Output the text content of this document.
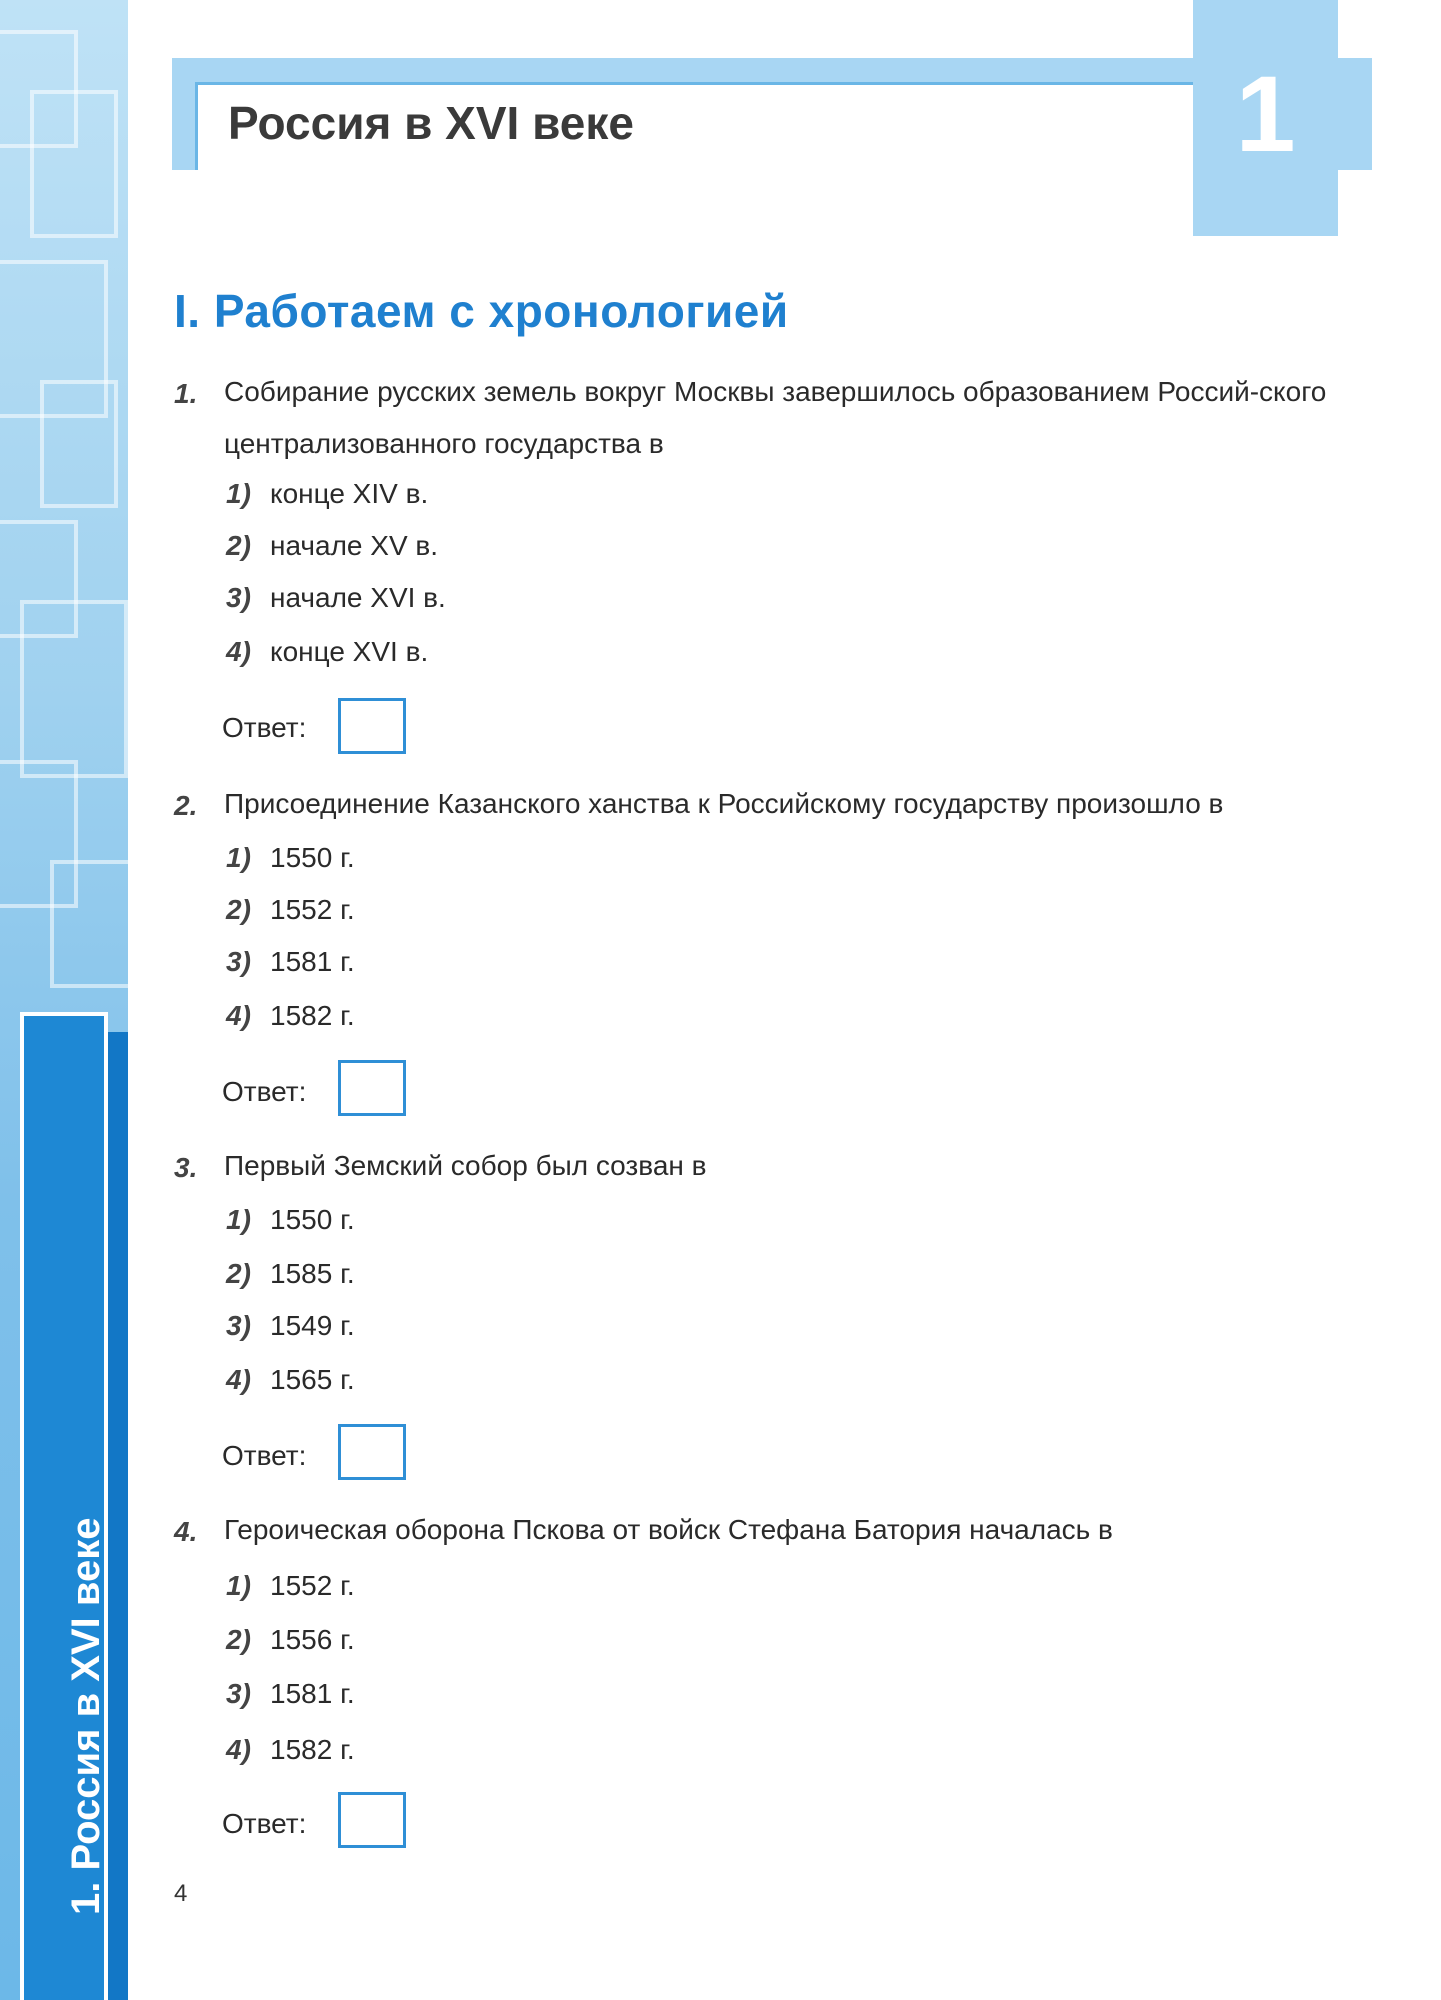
1. Россия в XVI веке
Россия в XVI веке	1
I. Работаем с хронологией
1. Собирание русских земель вокруг Москвы завершилось образованием Россий-ского централизованного государства в
1) конце XIV в.
2) начале XV в.
3) начале XVI в.
4) конце XVI в.
Ответ:
2. Присоединение Казанского ханства к Российскому государству произошло в
1) 1550 г.
2) 1552 г.
3) 1581 г.
4) 1582 г.
Ответ:
3. Первый Земский собор был созван в
1) 1550 г.
2) 1585 г.
3) 1549 г.
4) 1565 г.
Ответ:
4. Героическая оборона Пскова от войск Стефана Батория началась в
1) 1552 г.
2) 1556 г.
3) 1581 г.
4) 1582 г.
Ответ:
4
